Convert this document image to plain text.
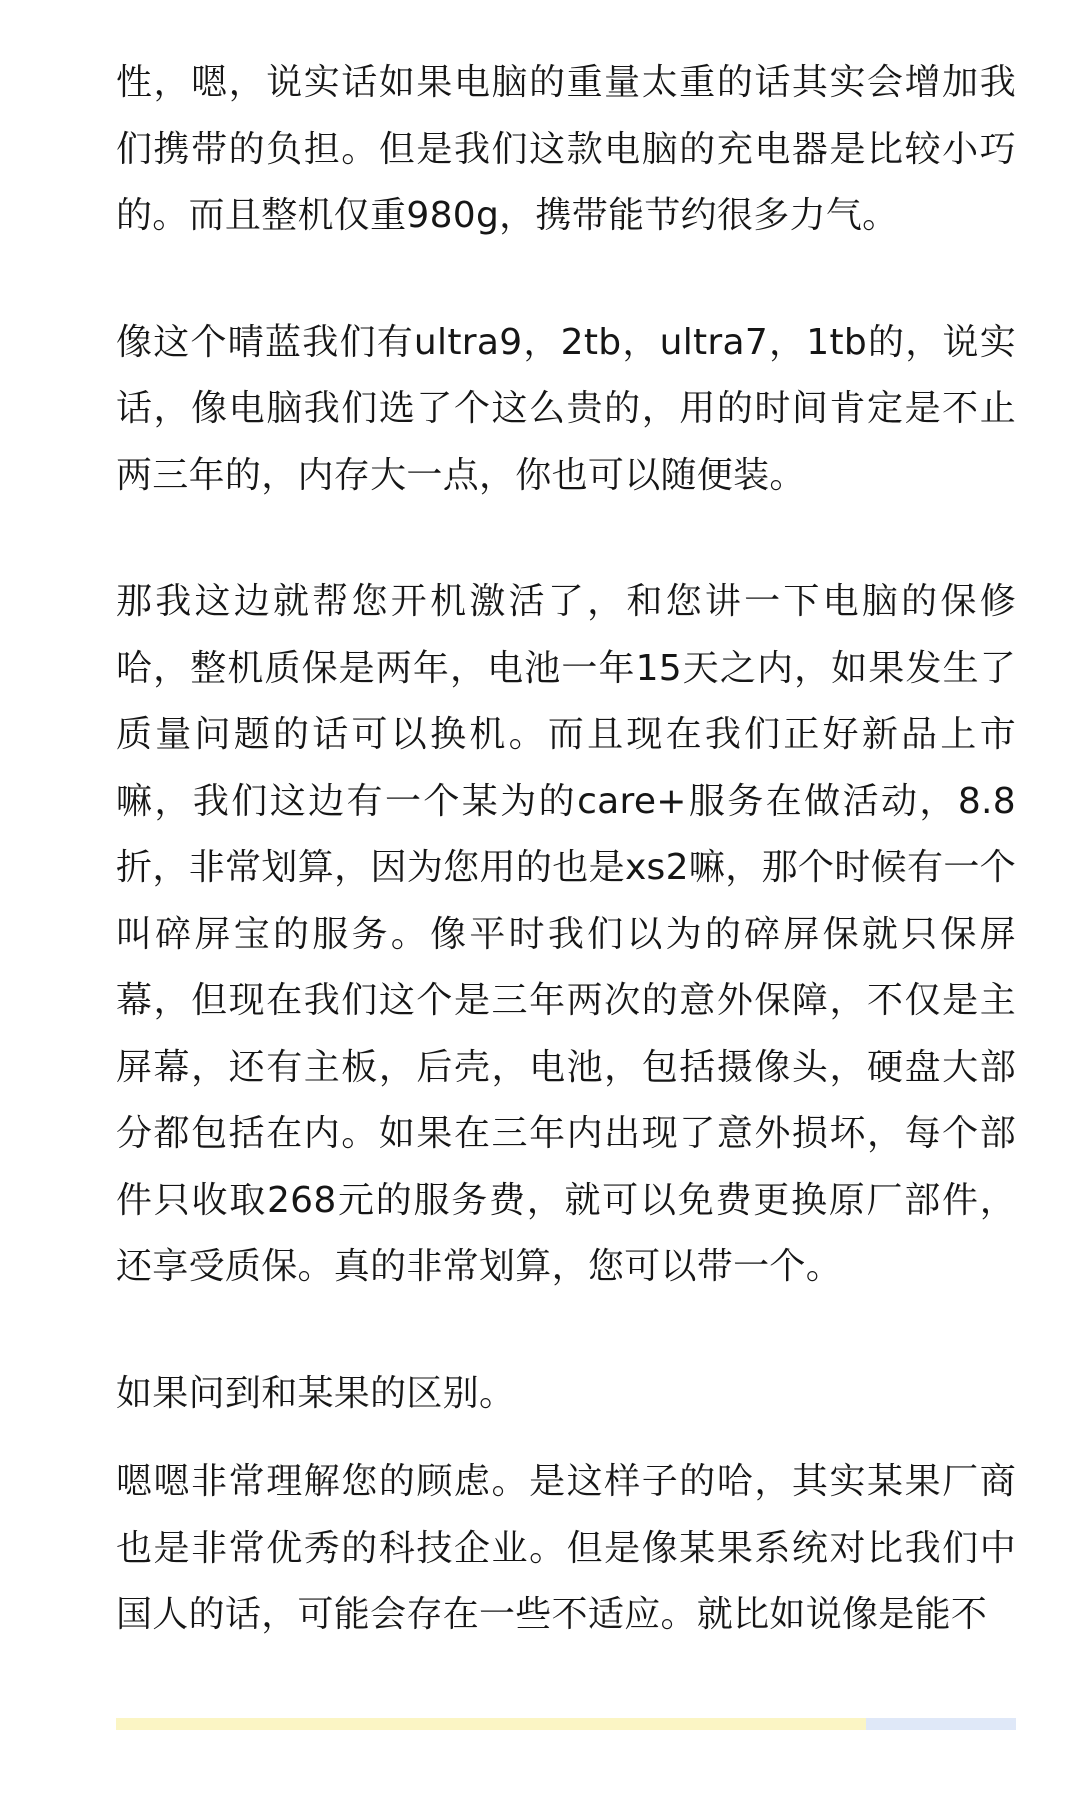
性，嗯，说实话如果电脑的重量太重的话其实会增加我们携带的负担。但是我们这款电脑的充电器是比较小巧的。而且整机仅重980g，携带能节约很多力气。

像这个晴蓝我们有ultra9，2tb，ultra7，1tb的，说实话，像电脑我们选了个这么贵的，用的时间肯定是不止两三年的，内存大一点，你也可以随便装。

那我这边就帮您开机激活了，和您讲一下电脑的保修哈，整机质保是两年，电池一年15天之内，如果发生了质量问题的话可以换机。而且现在我们正好新品上市嘛，我们这边有一个某为的care+服务在做活动，8.8折，非常划算，因为您用的也是xs2嘛，那个时候有一个叫碎屏宝的服务。像平时我们以为的碎屏保就只保屏幕，但现在我们这个是三年两次的意外保障，不仅是主屏幕，还有主板，后壳，电池，包括摄像头，硬盘大部分都包括在内。如果在三年内出现了意外损坏，每个部件只收取268元的服务费，就可以免费更换原厂部件，还享受质保。真的非常划算，您可以带一个。

如果问到和某果的区别。

嗯嗯非常理解您的顾虑。是这样子的哈，其实某果厂商也是非常优秀的科技企业。但是像某果系统对比我们中国人的话，可能会存在一些不适应。就比如说像是能不
